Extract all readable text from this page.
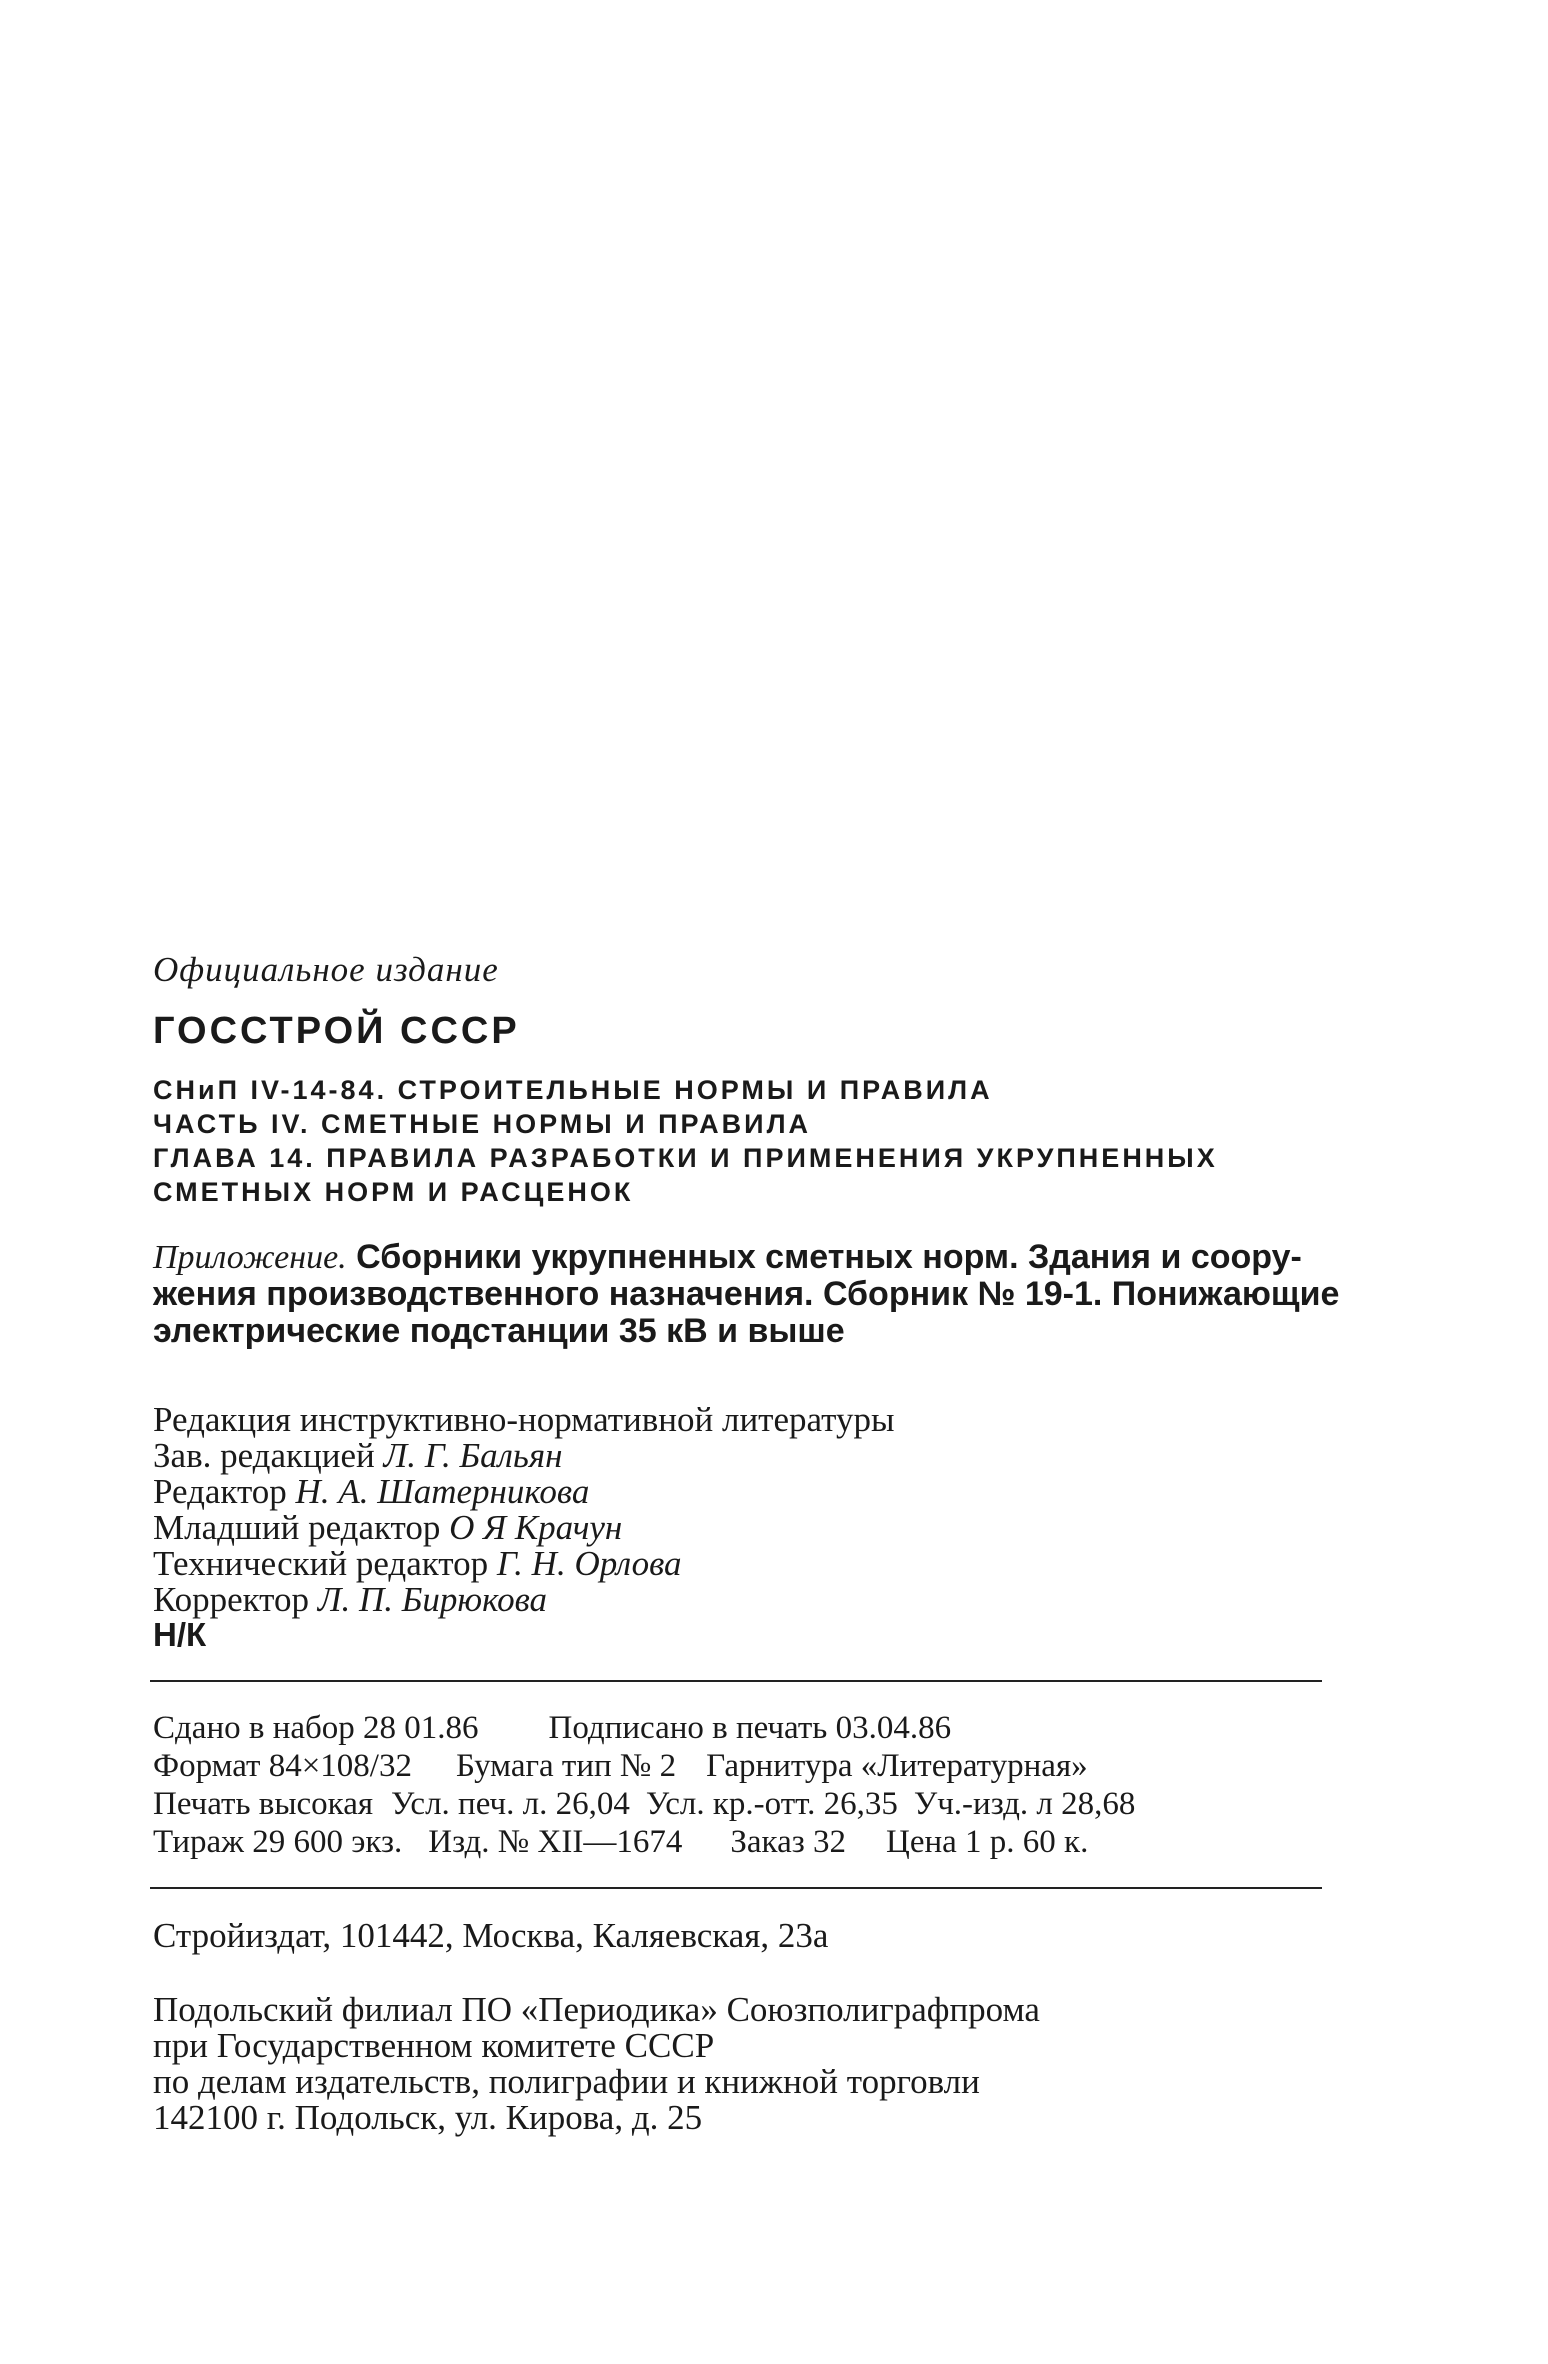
Официальное издание
ГОССТРОЙ СССР
СНиП IV-14-84. СТРОИТЕЛЬНЫЕ НОРМЫ И ПРАВИЛА
ЧАСТЬ IV. СМЕТНЫЕ НОРМЫ И ПРАВИЛА
ГЛАВА 14. ПРАВИЛА РАЗРАБОТКИ И ПРИМЕНЕНИЯ УКРУПНЕННЫХ
СМЕТНЫХ НОРМ И РАСЦЕНОК
Приложение. Сборники укрупненных сметных норм. Здания и соору-
жения производственного назначения. Сборник № 19-1. Понижающие
электрические подстанции 35 кВ и выше
Редакция инструктивно-нормативной литературы
Зав. редакцией Л. Г. Бальян
Редактор Н. А. Шатерникова
Младший редактор О Я Крачун
Технический редактор Г. Н. Орлова
Корректор Л. П. Бирюкова
Н/К
Сдано в набор 28 01.86 Подписано в печать 03.04.86
Формат 84×108/32 Бумага тип № 2 Гарнитура «Литературная»
Печать высокая Усл. печ. л. 26,04 Усл. кр.-отт. 26,35 Уч.-изд. л 28,68
Тираж 29 600 экз. Изд. № XII—1674 Заказ 32 Цена 1 р. 60 к.
Стройиздат, 101442, Москва, Каляевская, 23а
Подольский филиал ПО «Периодика» Союзполиграфпрома
при Государственном комитете СССР
по делам издательств, полиграфии и книжной торговли
142100 г. Подольск, ул. Кирова, д. 25
